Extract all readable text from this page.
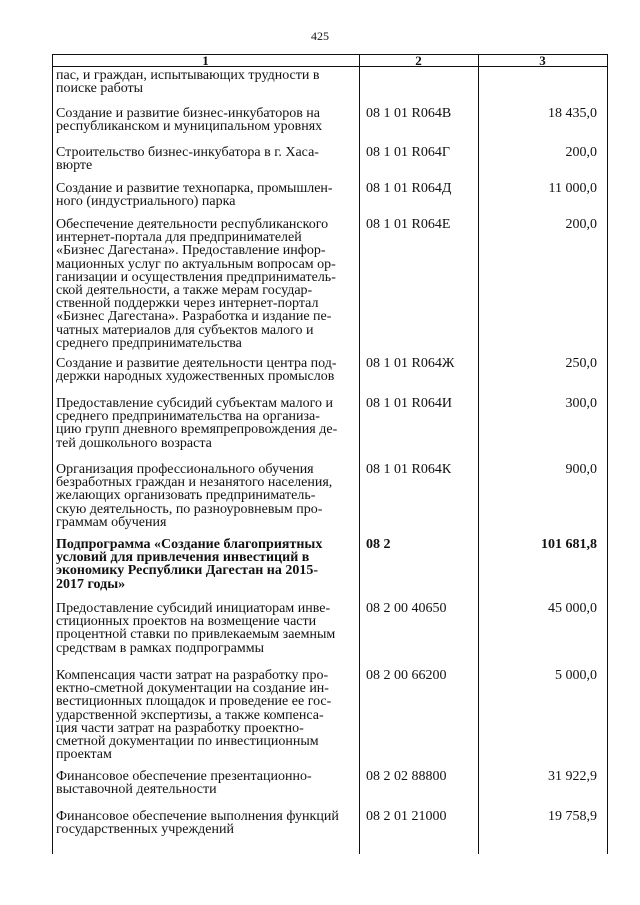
425
1	2	3
пас, и граждан, испытывающих трудности в
поиске работы
Создание и развитие бизнес-инкубаторов на
республиканском и муниципальном уровнях
08 1 01 R064B	18 435,0
Строительство бизнес-инкубатора в г. Хаса-
вюрте
08 1 01 R064Г	200,0
Создание и развитие технопарка, промышлен-
ного (индустриального) парка
08 1 01 R064Д	11 000,0
Обеспечение деятельности республиканского
интернет-портала для предпринимателей
«Бизнес Дагестана». Предоставление инфор-
мационных услуг по актуальным вопросам ор-
ганизации и осуществления предприниматель-
ской деятельности, а также мерам государ-
ственной поддержки через интернет-портал
«Бизнес Дагестана». Разработка и издание пе-
чатных материалов для субъектов малого и
среднего предпринимательства
08 1 01 R064E	200,0
Создание и развитие деятельности центра под-
держки народных художественных промыслов
08 1 01 R064Ж	250,0
Предоставление субсидий субъектам малого и
среднего предпринимательства на организа-
цию групп дневного времяпрепровождения де-
тей дошкольного возраста
08 1 01 R064И	300,0
Организация профессионального обучения
безработных граждан и незанятого населения,
желающих организовать предприниматель-
скую деятельность, по разноуровневым про-
граммам обучения
08 1 01 R064К	900,0
Подпрограмма «Создание благоприятных
условий для привлечения инвестиций в
экономику Республики Дагестан на 2015-
2017 годы»
08 2	101 681,8
Предоставление субсидий инициаторам инве-
стиционных проектов на возмещение части
процентной ставки по привлекаемым заемным
средствам в рамках подпрограммы
08 2 00 40650	45 000,0
Компенсация части затрат на разработку про-
ектно-сметной документации на создание ин-
вестиционных площадок и проведение ее гос-
ударственной экспертизы, а также компенса-
ция части затрат на разработку проектно-
сметной документации по инвестиционным
проектам
08 2 00 66200	5 000,0
Финансовое обеспечение презентационно-
выставочной деятельности
08 2 02 88800	31 922,9
Финансовое обеспечение выполнения функций
государственных учреждений
08 2 01 21000	19 758,9
